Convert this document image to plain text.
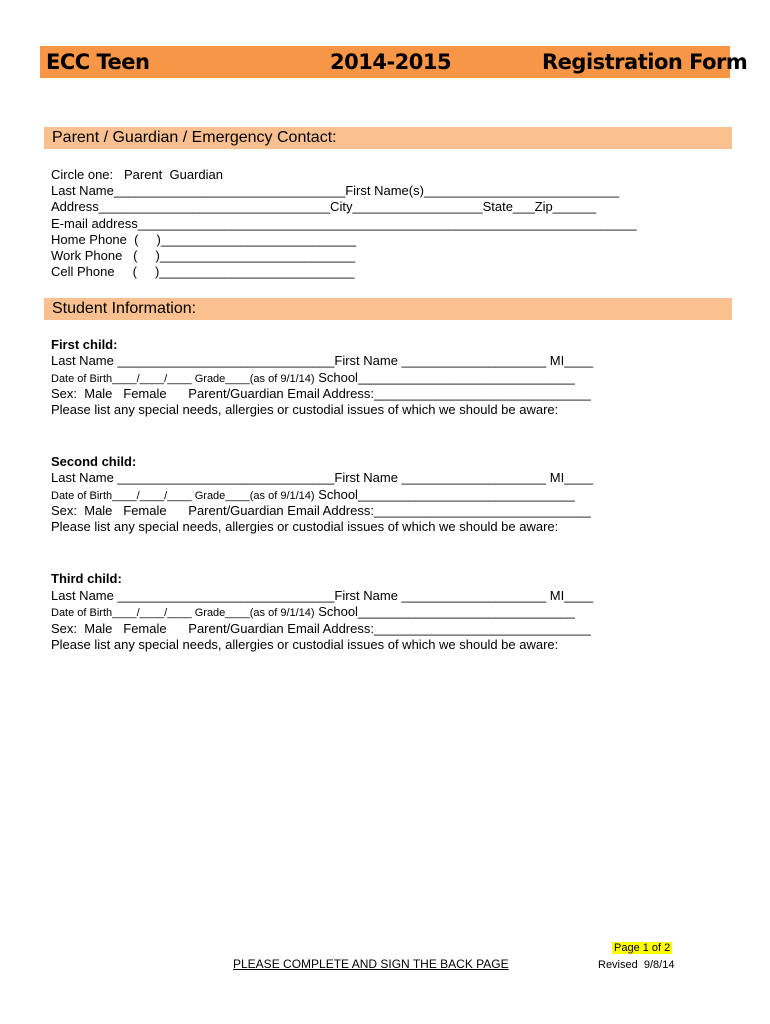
ECC Teen	2014-2015	Registration Form
Parent / Guardian / Emergency Contact:
Circle one:   Parent  Guardian
Last Name________________________________First Name(s)___________________________
Address________________________________City__________________State___Zip______
E-mail address_____________________________________________________________________
Home Phone  (     )___________________________
Work Phone   (     )___________________________
Cell Phone     (     )___________________________
Student Information:
First child:
Last Name ______________________________First Name ____________________ MI____
Date of Birth____/____/____ Grade____(as of 9/1/14) School______________________________
Sex:  Male   Female      Parent/Guardian Email Address:______________________________
Please list any special needs, allergies or custodial issues of which we should be aware:
Second child:
Last Name ______________________________First Name ____________________ MI____
Date of Birth____/____/____ Grade____(as of 9/1/14) School______________________________
Sex:  Male   Female      Parent/Guardian Email Address:______________________________
Please list any special needs, allergies or custodial issues of which we should be aware:
Third child:
Last Name ______________________________First Name ____________________ MI____
Date of Birth____/____/____ Grade____(as of 9/1/14) School______________________________
Sex:  Male   Female      Parent/Guardian Email Address:______________________________
Please list any special needs, allergies or custodial issues of which we should be aware:
PLEASE COMPLETE AND SIGN THE BACK PAGE
Page 1 of 2
Revised  9/8/14
